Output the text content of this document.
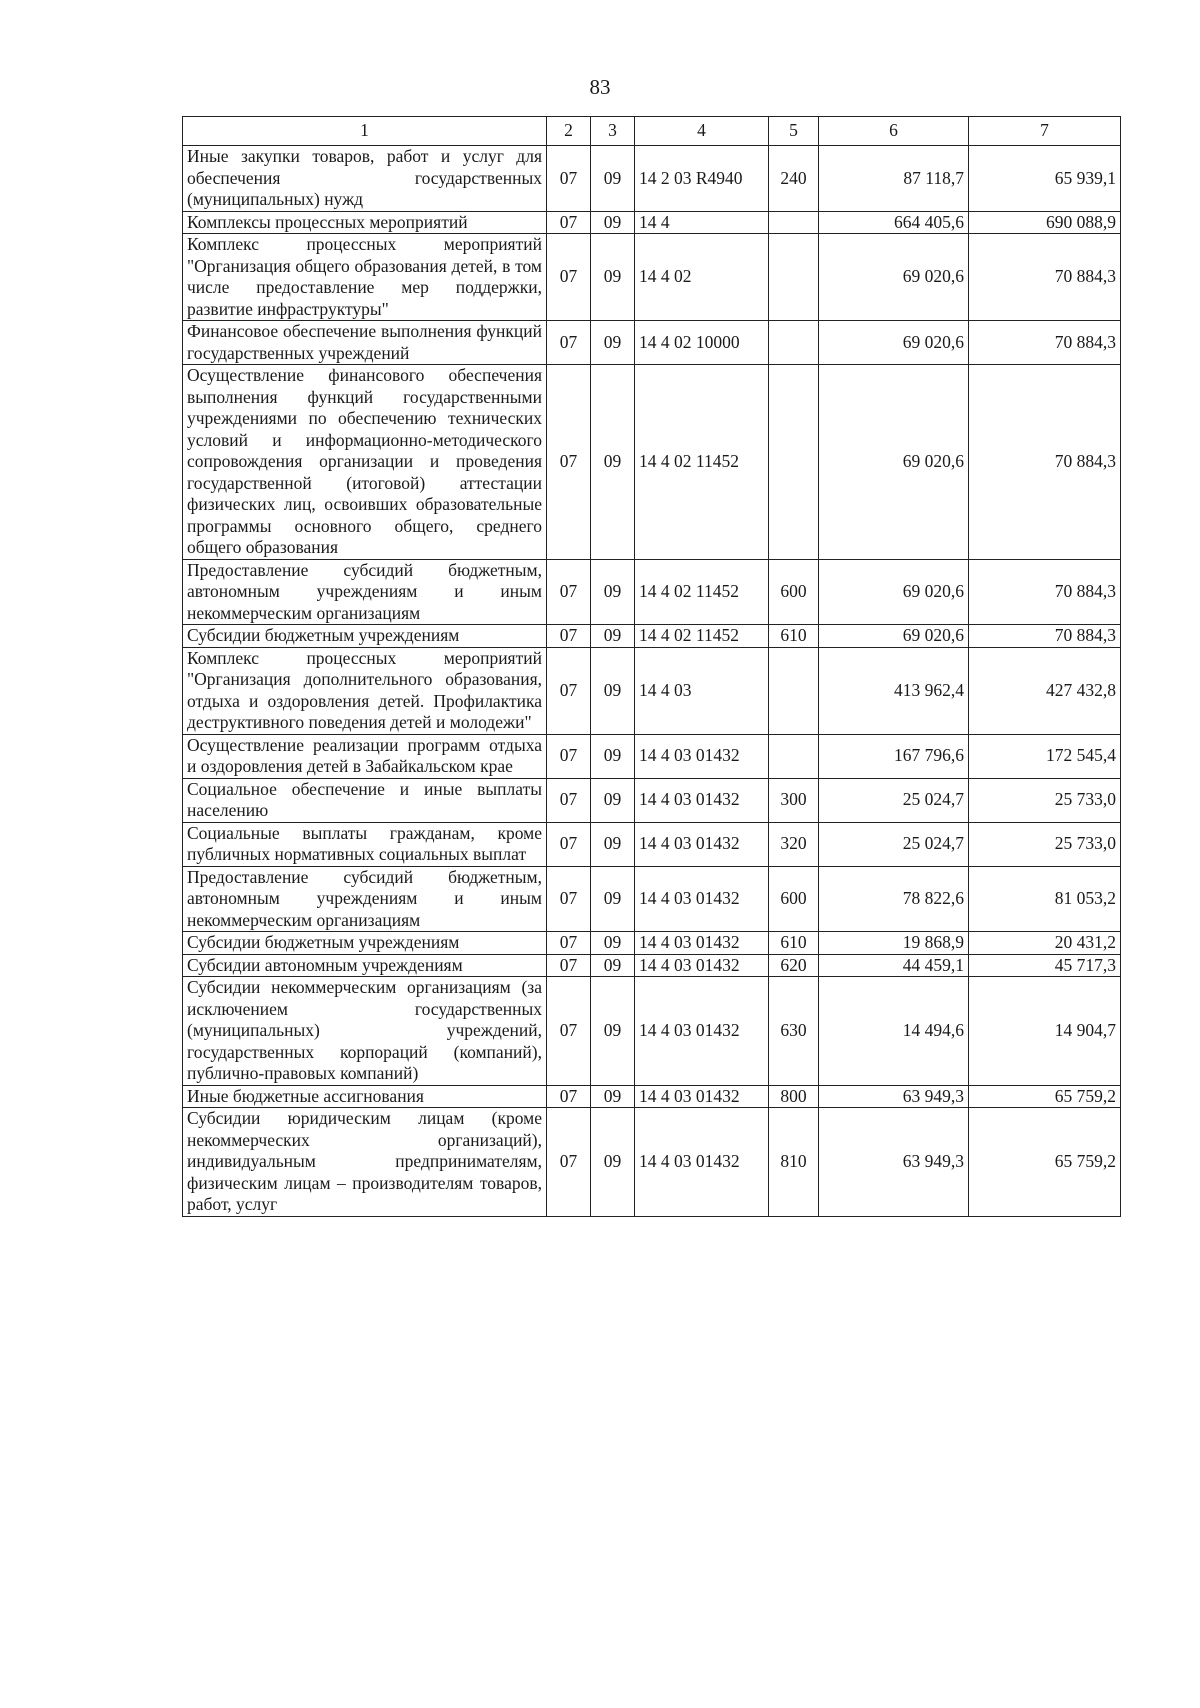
83
1	2	3	4	5	6	7
Иные закупки товаров, работ и услуг для обеспечения государственных (муниципальных) нужд	07	09	14 2 03 R4940	240	87 118,7	65 939,1
Комплексы процессных мероприятий	07	09	14 4		664 405,6	690 088,9
Комплекс процессных мероприятий "Организация общего образования детей, в том числе предоставление мер поддержки, развитие инфраструктуры"	07	09	14 4 02		69 020,6	70 884,3
Финансовое обеспечение выполнения функций государственных учреждений	07	09	14 4 02 10000		69 020,6	70 884,3
Осуществление финансового обеспечения выполнения функций государственными учреждениями по обеспечению технических условий и информационно-методического сопровождения организации и проведения государственной (итоговой) аттестации физических лиц, освоивших образовательные программы основного общего, среднего общего образования	07	09	14 4 02 11452		69 020,6	70 884,3
Предоставление субсидий бюджетным, автономным учреждениям и иным некоммерческим организациям	07	09	14 4 02 11452	600	69 020,6	70 884,3
Субсидии бюджетным учреждениям	07	09	14 4 02 11452	610	69 020,6	70 884,3
Комплекс процессных мероприятий "Организация дополнительного образования, отдыха и оздоровления детей. Профилактика деструктивного поведения детей и молодежи"	07	09	14 4 03		413 962,4	427 432,8
Осуществление реализации программ отдыха и оздоровления детей в Забайкальском крае	07	09	14 4 03 01432		167 796,6	172 545,4
Социальное обеспечение и иные выплаты населению	07	09	14 4 03 01432	300	25 024,7	25 733,0
Социальные выплаты гражданам, кроме публичных нормативных социальных выплат	07	09	14 4 03 01432	320	25 024,7	25 733,0
Предоставление субсидий бюджетным, автономным учреждениям и иным некоммерческим организациям	07	09	14 4 03 01432	600	78 822,6	81 053,2
Субсидии бюджетным учреждениям	07	09	14 4 03 01432	610	19 868,9	20 431,2
Субсидии автономным учреждениям	07	09	14 4 03 01432	620	44 459,1	45 717,3
Субсидии некоммерческим организациям (за исключением государственных (муниципальных) учреждений, государственных корпораций (компаний), публично-правовых компаний)	07	09	14 4 03 01432	630	14 494,6	14 904,7
Иные бюджетные ассигнования	07	09	14 4 03 01432	800	63 949,3	65 759,2
Субсидии юридическим лицам (кроме некоммерческих организаций), индивидуальным предпринимателям, физическим лицам – производителям товаров, работ, услуг	07	09	14 4 03 01432	810	63 949,3	65 759,2
